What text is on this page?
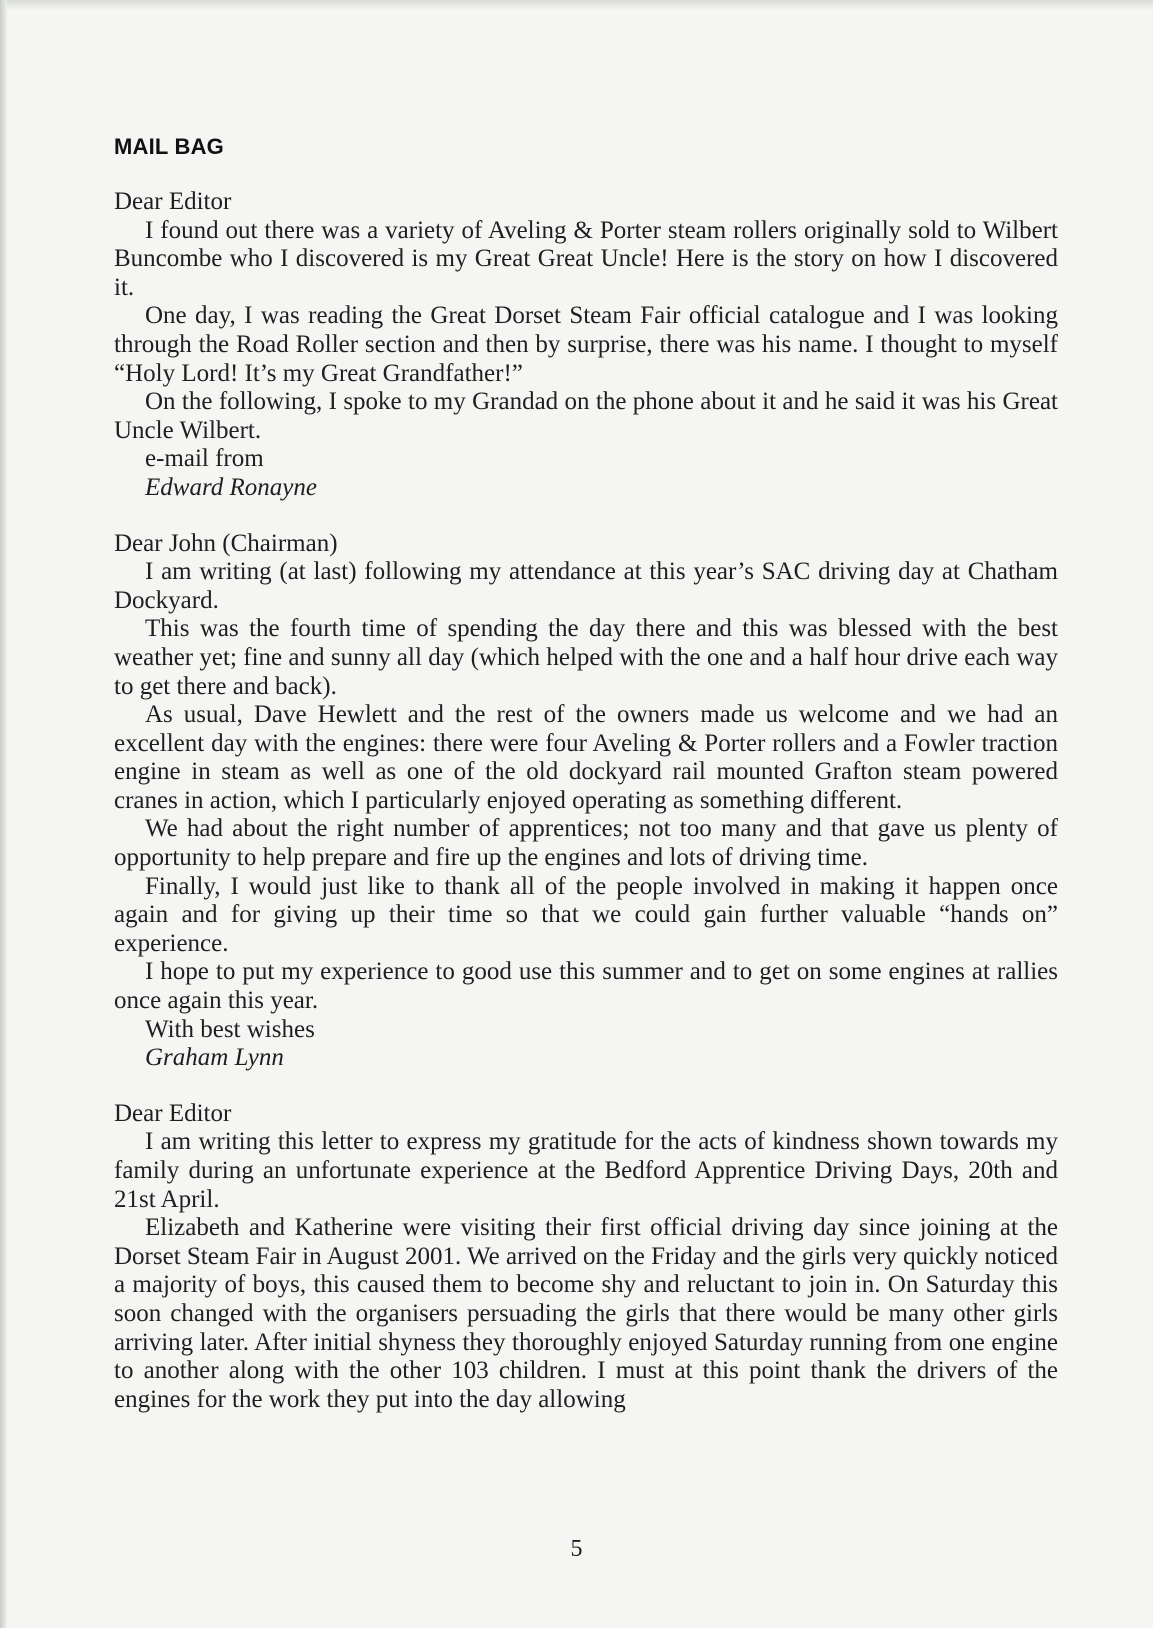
MAIL BAG

Dear Editor

I found out there was a variety of Aveling & Porter steam rollers originally sold to Wilbert Buncombe who I discovered is my Great Great Uncle! Here is the story on how I discovered it.

One day, I was reading the Great Dorset Steam Fair official catalogue and I was looking through the Road Roller section and then by surprise, there was his name. I thought to myself “Holy Lord! It’s my Great Grandfather!”

On the following, I spoke to my Grandad on the phone about it and he said it was his Great Uncle Wilbert.

e-mail from

Edward Ronayne

Dear John (Chairman)

I am writing (at last) following my attendance at this year’s SAC driving day at Chatham Dockyard.

This was the fourth time of spending the day there and this was blessed with the best weather yet; fine and sunny all day (which helped with the one and a half hour drive each way to get there and back).

As usual, Dave Hewlett and the rest of the owners made us welcome and we had an excellent day with the engines: there were four Aveling & Porter rollers and a Fowler traction engine in steam as well as one of the old dockyard rail mounted Grafton steam powered cranes in action, which I particularly enjoyed operating as something different.

We had about the right number of apprentices; not too many and that gave us plenty of opportunity to help prepare and fire up the engines and lots of driving time.

Finally, I would just like to thank all of the people involved in making it happen once again and for giving up their time so that we could gain further valuable “hands on” experience.

I hope to put my experience to good use this summer and to get on some engines at rallies once again this year.

With best wishes

Graham Lynn

Dear Editor

I am writing this letter to express my gratitude for the acts of kindness shown towards my family during an unfortunate experience at the Bedford Apprentice Driving Days, 20th and 21st April.

Elizabeth and Katherine were visiting their first official driving day since joining at the Dorset Steam Fair in August 2001. We arrived on the Friday and the girls very quickly noticed a majority of boys, this caused them to become shy and reluctant to join in. On Saturday this soon changed with the organisers persuading the girls that there would be many other girls arriving later. After initial shyness they thoroughly enjoyed Saturday running from one engine to another along with the other 103 children. I must at this point thank the drivers of the engines for the work they put into the day allowing

5
